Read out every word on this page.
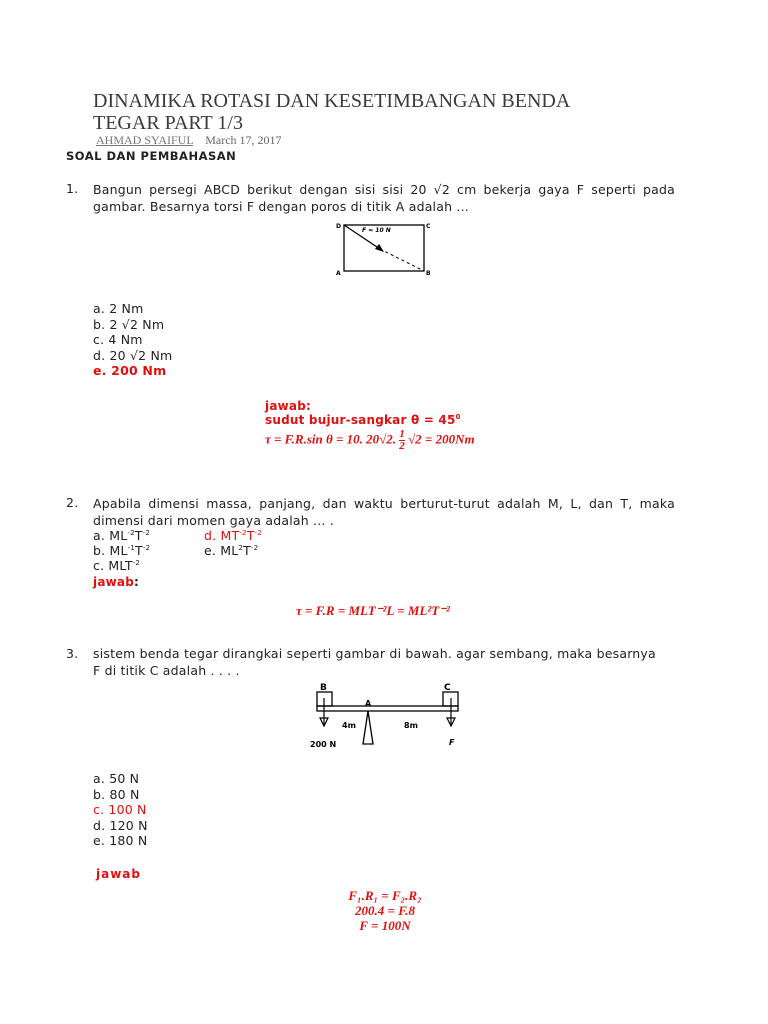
DINAMIKA ROTASI DAN KESETIMBANGAN BENDA
TEGAR PART 1/3
AHMAD SYAIFUL March 17, 2017
SOAL DAN PEMBAHASAN
1. Bangun persegi ABCD berikut dengan sisi sisi 20 √2 cm bekerja gaya F seperti pada gambar. Besarnya torsi F dengan poros di titik A adalah ...
D	C
A	B
F = 10 N
a. 2 Nm
b. 2 √2 Nm
c. 4 Nm
d. 20 √2 Nm
e. 200 Nm
jawab:
sudut bujur-sangkar $\theta = 45^0$
τ = F.R.sin θ = 10. 20√2. $\frac{1}{2} √2 = 200Nm$
2. Apabila dimensi massa, panjang, dan waktu berturut-turut adalah M, L, dan T, maka dimensi dari momen gaya adalah ... .
a. $ML^{-2}T^{-2}$	d. $MT^{-2}T^{-2}$
b. $ML^{-1}T^{-2}$	e. $ML^2T^{-2}$
c. $MLT^{-2}$
jawab:
τ = F.R = MLT⁻²L = ML²T⁻²
3. sistem benda tegar dirangkai seperti gambar di bawah. agar sembang, maka besarnya
F di titik C adalah . . . .
B	C
A
4m	8m
200 N	F
a. 50 N
b. 80 N
c. 100 N
d. 120 N
e. 180 N
jawab
F₁.R₁ = F₂.R₂
200.4 = F.8
F = 100N
